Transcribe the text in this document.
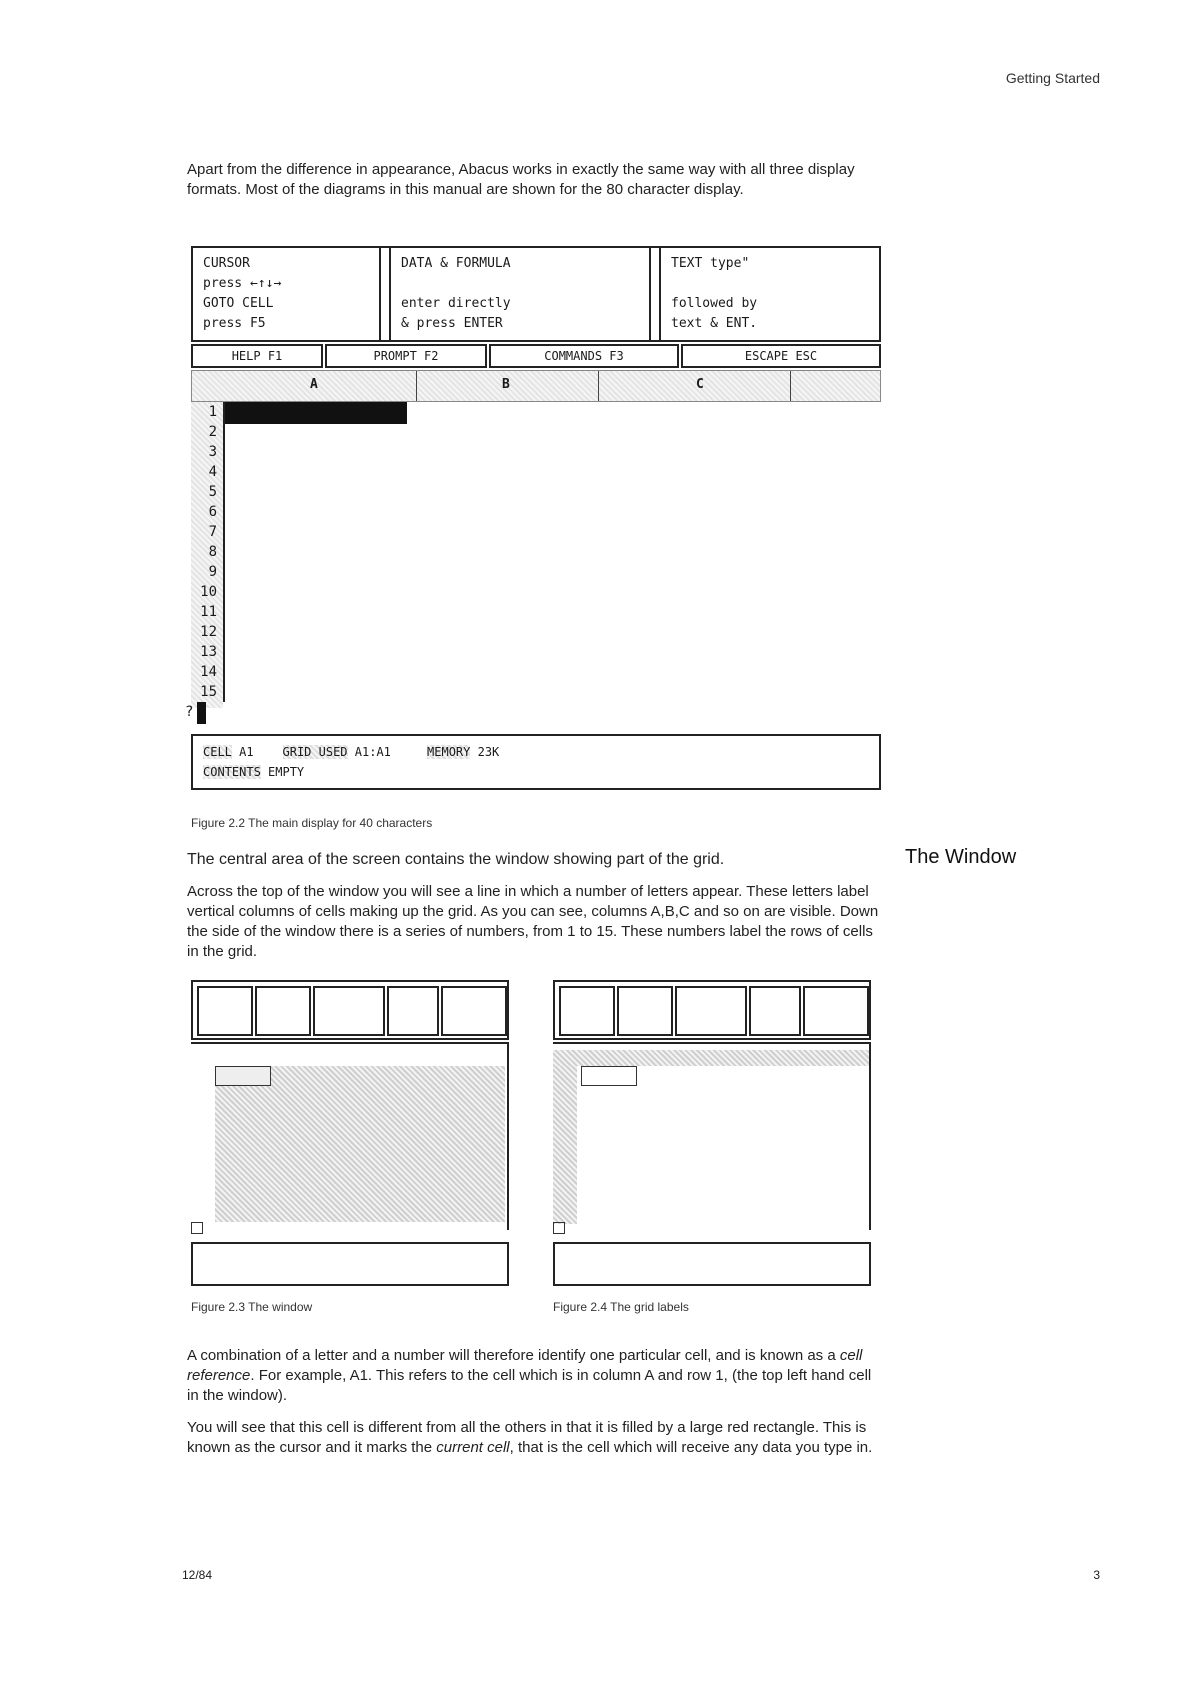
Getting Started
Apart from the difference in appearance, Abacus works in exactly the same way with all three display formats. Most of the diagrams in this manual are shown for the 80 character display.
CURSOR
press ←↑↓→
GOTO CELL
press F5
DATA & FORMULA
enter directly
& press ENTER
TEXT type"
followed by
text & ENT.
HELP F1	PROMPT F2	COMMANDS F3	ESCAPE ESC
A	B	C
1
2
3
4
5
6
7
8
9
10
11
12
13
14
15
?
CELL A1 GRID USED A1:A1	MEMORY 23K
CONTENTS EMPTY
Figure 2.2 The main display for 40 characters
The Window
The central area of the screen contains the window showing part of the grid.
Across the top of the window you will see a line in which a number of letters appear. These letters label vertical columns of cells making up the grid. As you can see, columns A,B,C and so on are visible. Down the side of the window there is a series of numbers, from 1 to 15. These numbers label the rows of cells in the grid.
Figure 2.3 The window	Figure 2.4 The grid labels
A combination of a letter and a number will therefore identify one particular cell, and is known as a cell reference. For example, A1. This refers to the cell which is in column A and row 1, (the top left hand cell in the window).
You will see that this cell is different from all the others in that it is filled by a large red rectangle. This is known as the cursor and it marks the current cell, that is the cell which will receive any data you type in.
12/84	3
